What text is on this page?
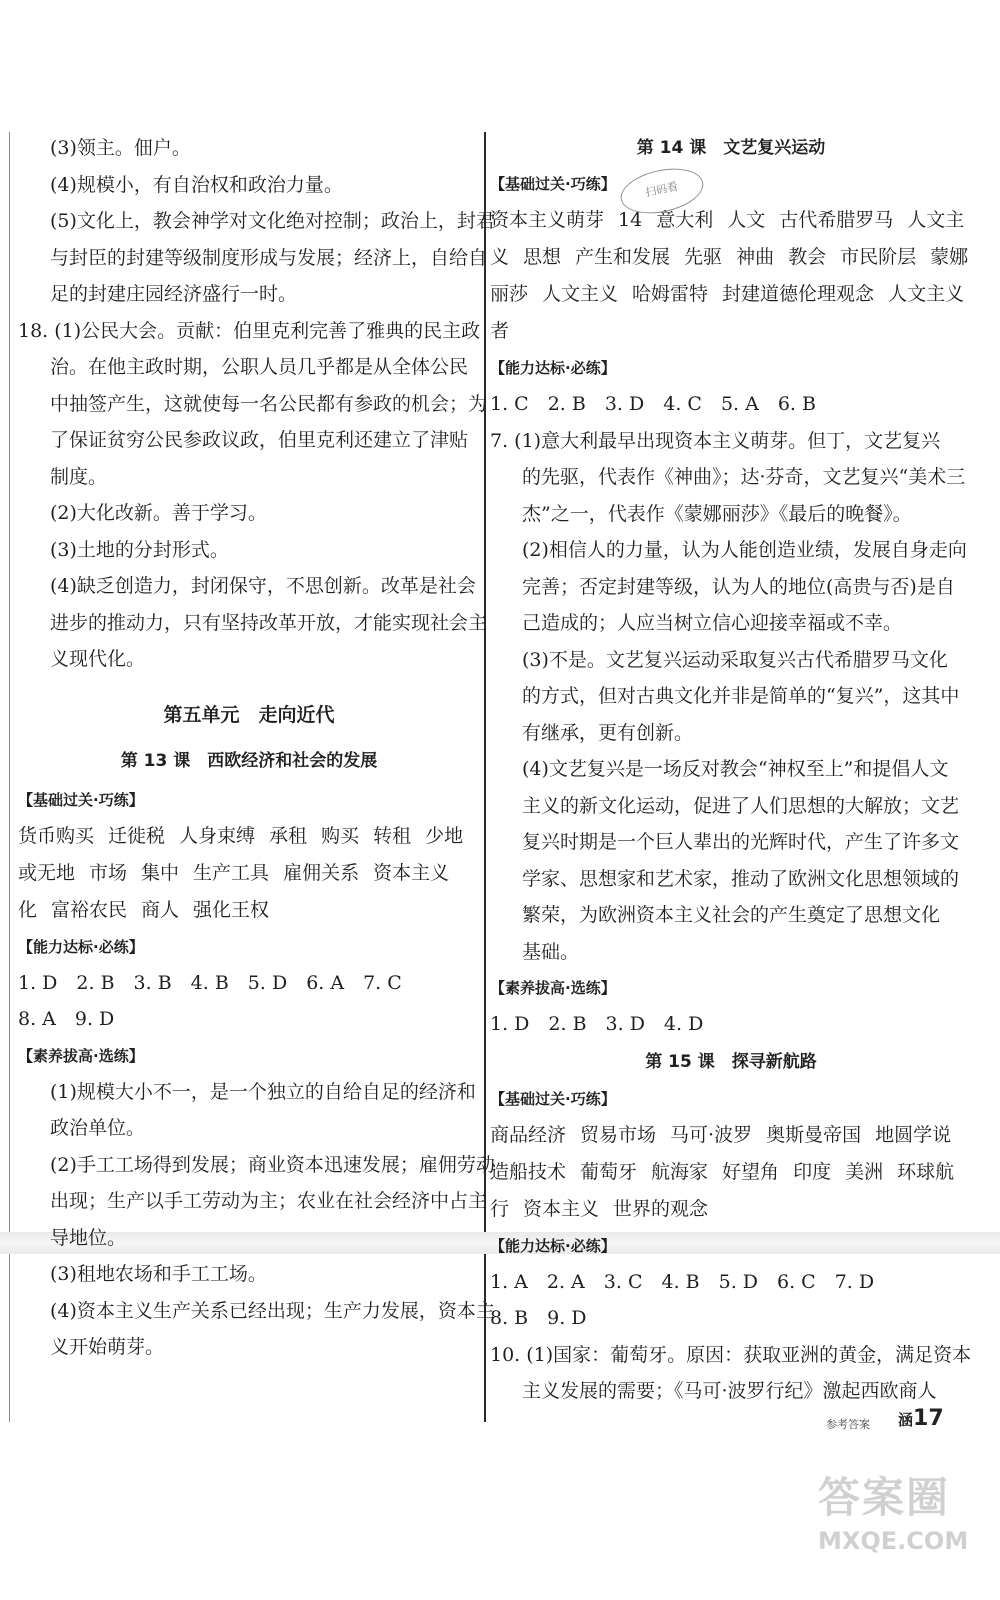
(3)领主。佃户。
(4)规模小，有自治权和政治力量。
(5)文化上，教会神学对文化绝对控制；政治上，封君
与封臣的封建等级制度形成与发展；经济上，自给自
足的封建庄园经济盛行一时。
18. (1)公民大会。贡献：伯里克利完善了雅典的民主政
治。在他主政时期，公职人员几乎都是从全体公民
中抽签产生，这就使每一名公民都有参政的机会；为
了保证贫穷公民参政议政，伯里克利还建立了津贴
制度。
(2)大化改新。善于学习。
(3)土地的分封形式。
(4)缺乏创造力，封闭保守，不思创新。改革是社会
进步的推动力，只有坚持改革开放，才能实现社会主
义现代化。
第五单元　走向近代
第 13 课　西欧经济和社会的发展
【基础过关·巧练】
货币购买 迁徙税 人身束缚 承租 购买 转租 少地或无地 市场 集中 生产工具 雇佣关系 资本主义化 富裕农民 商人 强化王权
【能力达标·必练】
1. D　2. B　3. B　4. B　5. D　6. A　7. C
8. A　9. D
【素养拔高·选练】
(1)规模大小不一，是一个独立的自给自足的经济和
政治单位。
(2)手工工场得到发展；商业资本迅速发展；雇佣劳动
出现；生产以手工劳动为主；农业在社会经济中占主
导地位。
(3)租地农场和手工工场。
(4)资本主义生产关系已经出现；生产力发展，资本主
义开始萌芽。
第 14 课　文艺复兴运动
【基础过关·巧练】
资本主义萌芽 14 意大利 人文 古代希腊罗马 人文主义 思想 产生和发展 先驱 神曲 教会 市民阶层 蒙娜丽莎 人文主义 哈姆雷特 封建道德伦理观念 人文主义者
【能力达标·必练】
1. C　2. B　3. D　4. C　5. A　6. B
7. (1)意大利最早出现资本主义萌芽。但丁，文艺复兴
的先驱，代表作《神曲》；达·芬奇，文艺复兴“美术三
杰”之一，代表作《蒙娜丽莎》《最后的晚餐》。
(2)相信人的力量，认为人能创造业绩，发展自身走向
完善；否定封建等级，认为人的地位(高贵与否)是自
己造成的；人应当树立信心迎接幸福或不幸。
(3)不是。文艺复兴运动采取复兴古代希腊罗马文化
的方式，但对古典文化并非是简单的“复兴”，这其中
有继承，更有创新。
(4)文艺复兴是一场反对教会“神权至上”和提倡人文
主义的新文化运动，促进了人们思想的大解放；文艺
复兴时期是一个巨人辈出的光辉时代，产生了许多文
学家、思想家和艺术家，推动了欧洲文化思想领域的
繁荣，为欧洲资本主义社会的产生奠定了思想文化
基础。
【素养拔高·选练】
1. D　2. B　3. D　4. D
第 15 课　探寻新航路
【基础过关·巧练】
商品经济 贸易市场 马可·波罗 奥斯曼帝国 地圆学说造船技术 葡萄牙 航海家 好望角 印度 美洲 环球航行 资本主义 世界的观念
【能力达标·必练】
1. A　2. A　3. C　4. B　5. D　6. C　7. D
8. B　9. D
10. (1)国家：葡萄牙。原因：获取亚洲的黄金，满足资本
主义发展的需要；《马可·波罗行纪》激起西欧商人
扫码看
参考答案 涵17
答案圈
MXQE.COM
